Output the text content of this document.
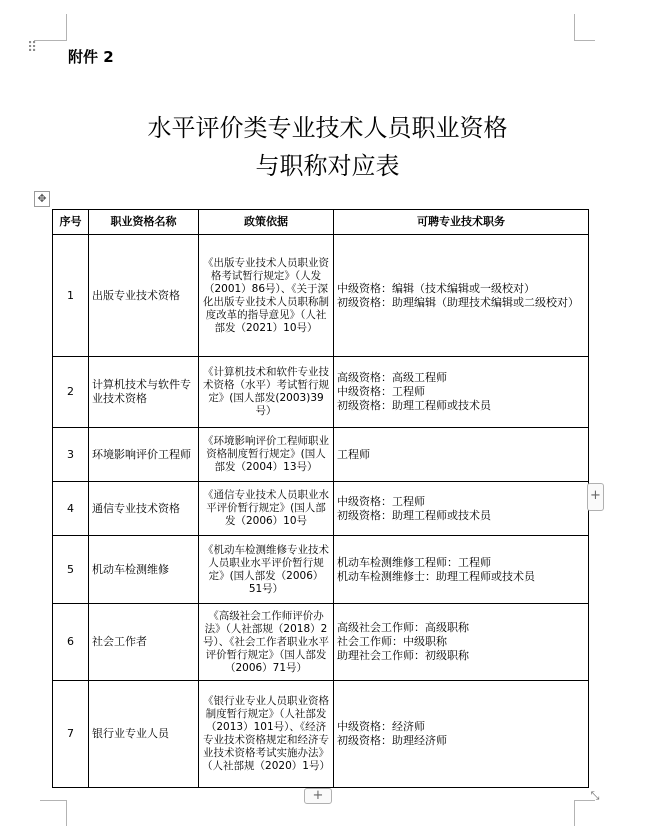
⠿ 附件 2
水平评价类专业技术人员职业资格
与职称对应表
✥
序号	职业资格名称	政策依据	可聘专业技术职务
1	出版专业技术资格	《出版专业技术人员职业资格考试暂行规定》（人发（2001）86号）、《关于深化出版专业技术人员职称制度改革的指导意见》（人社部发（2021）10号）	中级资格：编辑（技术编辑或一级校对）
初级资格：助理编辑（助理技术编辑或二级校对）

2	计算机技术与软件专业技术资格	《计算机技术和软件专业技术资格（水平）考试暂行规定》(国人部发(2003)39号）	高级资格：高级工程师
中级资格：工程师
初级资格：助理工程师或技术员

3	环境影响评价工程师	《环境影响评价工程师职业资格制度暂行规定》(国人部发（2004）13号）	工程师

4	通信专业技术资格	《通信专业技术人员职业水平评价暂行规定》(国人部发（2006）10号	中级资格：工程师
初级资格：助理工程师或技术员

5	机动车检测维修	《机动车检测维修专业技术人员职业水平评价暂行规定》(国人部发（2006）51号）	机动车检测维修工程师：工程师
机动车检测维修士：助理工程师或技术员

6	社会工作者	《高级社会工作师评价办法》（人社部规（2018）2号）、《社会工作者职业水平评价暂行规定》（国人部发（2006）71号）	高级社会工作师：高级职称
社会工作师：中级职称
助理社会工作师：初级职称

7	银行业专业人员	《银行业专业人员职业资格制度暂行规定》（人社部发（2013）101号）、《经济专业技术资格规定和经济专业技术资格考试实施办法》（人社部规（2020）1号）	中级资格：经济师
初级资格：助理经济师
+
+	⤡
